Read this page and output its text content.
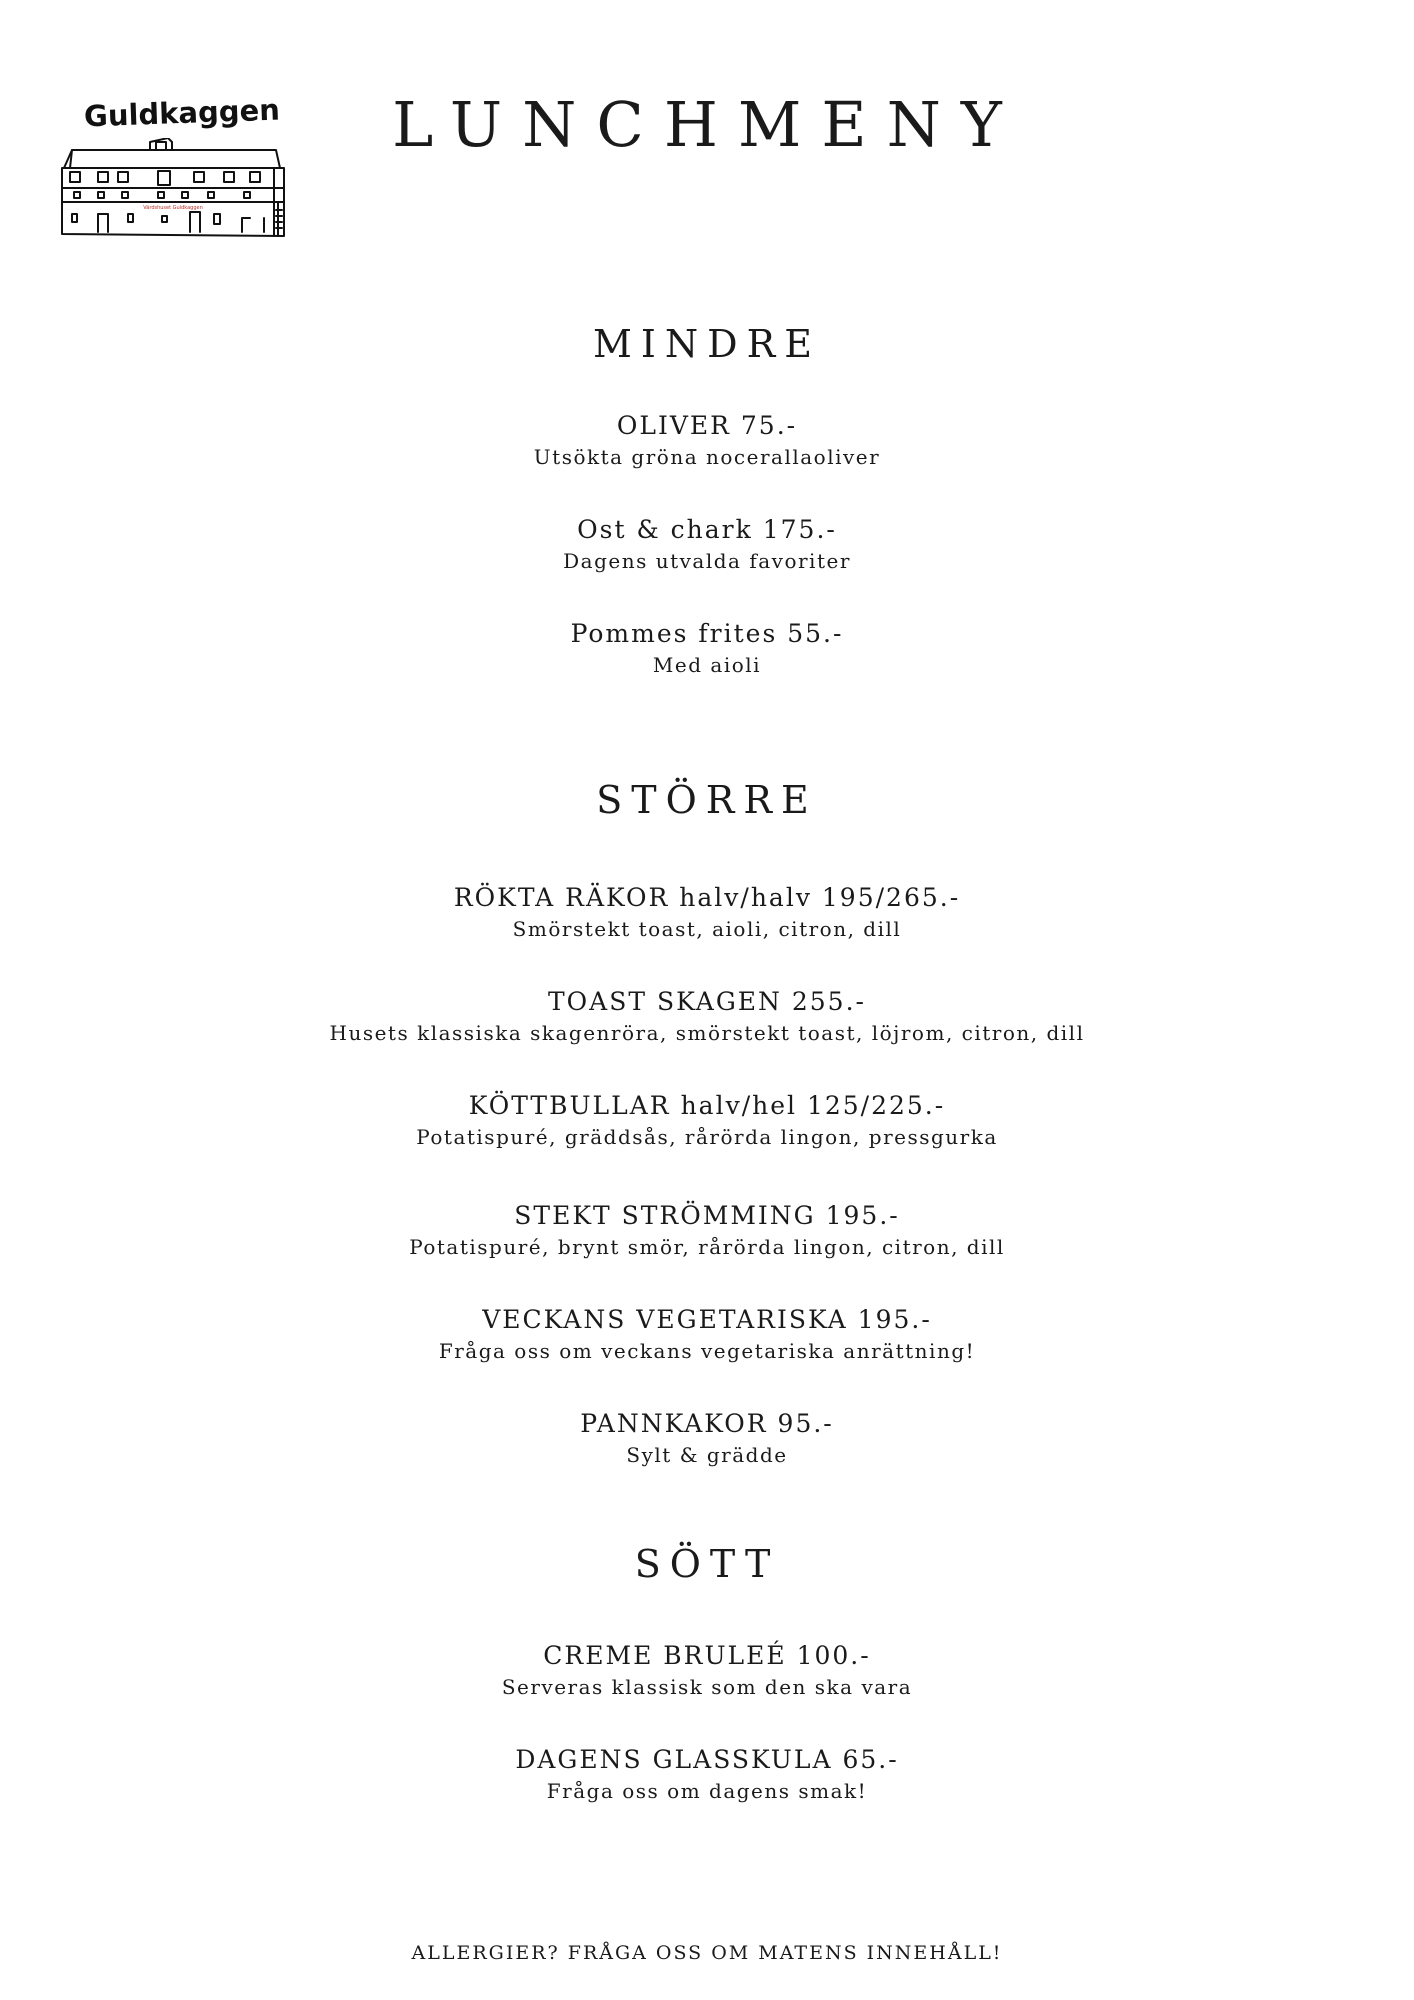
Guldkaggen
Värdshuset Guldkaggen
LUNCHMENY
MINDRE
OLIVER 75.-
Utsökta gröna nocerallaoliver
Ost & chark 175.-
Dagens utvalda favoriter
Pommes frites 55.-
Med aioli
STÖRRE
RÖKTA RÄKOR halv/halv 195/265.-
Smörstekt toast, aioli, citron, dill
TOAST SKAGEN 255.-
Husets klassiska skagenröra, smörstekt toast, löjrom, citron, dill
KÖTTBULLAR halv/hel 125/225.-
Potatispuré, gräddsås, rårörda lingon, pressgurka
STEKT STRÖMMING 195.-
Potatispuré, brynt smör, rårörda lingon, citron, dill
VECKANS VEGETARISKA 195.-
Fråga oss om veckans vegetariska anrättning!
PANNKAKOR 95.-
Sylt & grädde
SÖTT
CREME BRULEÉ 100.-
Serveras klassisk som den ska vara
DAGENS GLASSKULA 65.-
Fråga oss om dagens smak!
ALLERGIER? FRÅGA OSS OM MATENS INNEHÅLL!
